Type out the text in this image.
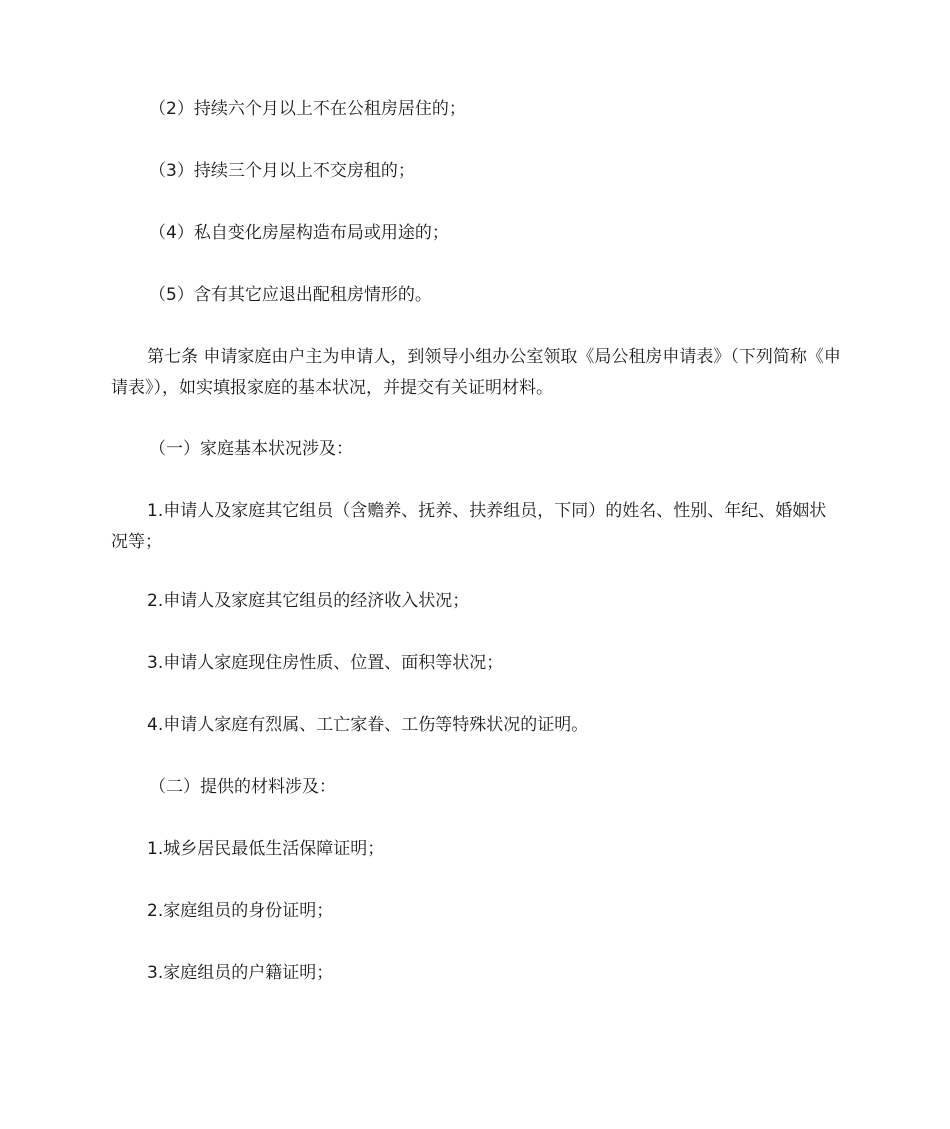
（2）持续六个月以上不在公租房居住的；

（3）持续三个月以上不交房租的；

（4）私自变化房屋构造布局或用途的；

（5）含有其它应退出配租房情形的。

第七条 申请家庭由户主为申请人，到领导小组办公室领取《局公租房申请表》（下列简称《申请表》），如实填报家庭的基本状况，并提交有关证明材料。

（一）家庭基本状况涉及：

1.申请人及家庭其它组员（含赡养、抚养、扶养组员，下同）的姓名、性别、年纪、婚姻状况等；

2.申请人及家庭其它组员的经济收入状况；

3.申请人家庭现住房性质、位置、面积等状况；

4.申请人家庭有烈属、工亡家眷、工伤等特殊状况的证明。

（二）提供的材料涉及：

1.城乡居民最低生活保障证明；

2.家庭组员的身份证明；

3.家庭组员的户籍证明；
